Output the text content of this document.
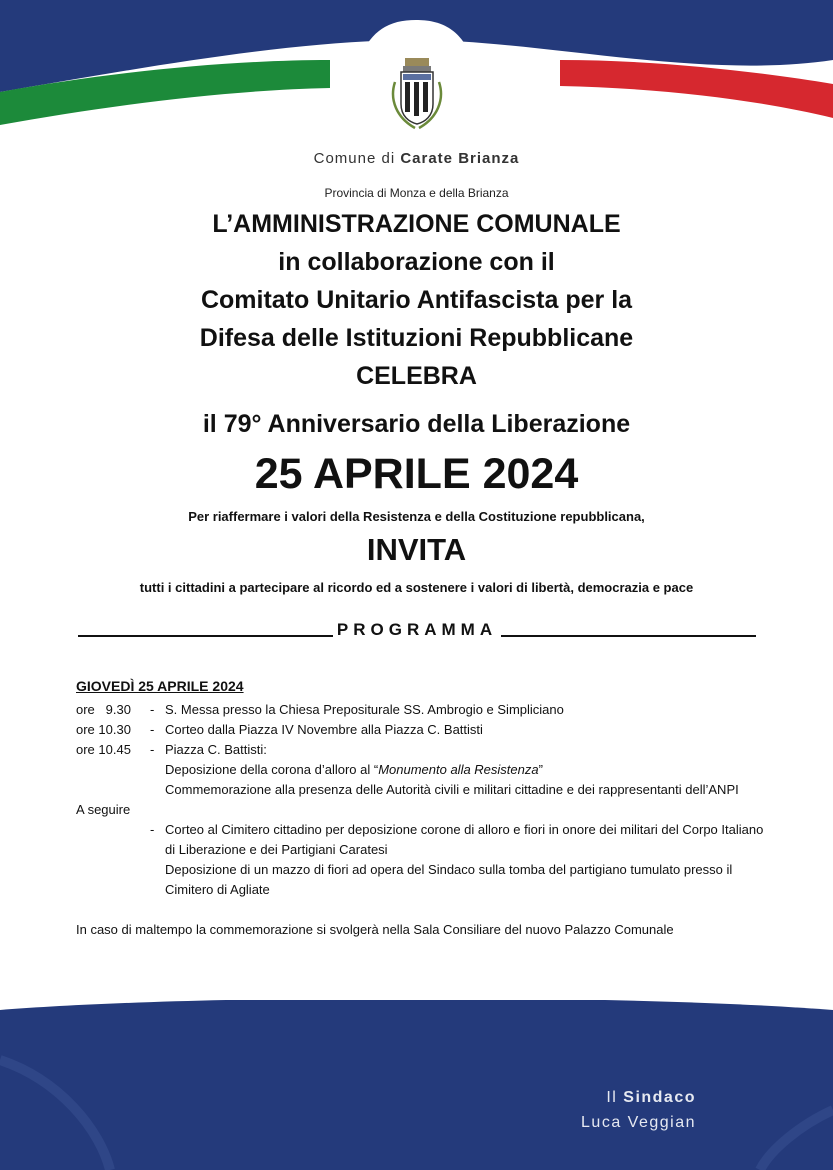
Comune di Carate Brianza

Provincia di Monza e della Brianza

L’AMMINISTRAZIONE COMUNALE
in collaborazione con il
Comitato Unitario Antifascista per la
Difesa delle Istituzioni Repubblicane
CELEBRA

il 79° Anniversario della Liberazione

25 APRILE 2024

Per riaffermare i valori della Resistenza e della Costituzione repubblicana,

INVITA

tutti i cittadini a partecipare al ricordo ed a sostenere i valori di libertà, democrazia e pace

PROGRAMMA
GIOVEDÌ 25 APRILE 2024
ore   9.30	- S. Messa presso la Chiesa Prepositurale SS. Ambrogio e Simpliciano
ore 10.30	- Corteo dalla Piazza IV Novembre alla Piazza C. Battisti
ore 10.45	- Piazza C. Battisti:
Deposizione della corona d’alloro al “Monumento alla Resistenza”
Commemorazione alla presenza delle Autorità civili e militari cittadine e dei rappresentanti dell’ANPI
A seguire
- Corteo al Cimitero cittadino per deposizione corone di allorо e fiori in onore dei militari del Corpo Italiano di Liberazione e dei Partigiani Caratesi
Deposizione di un mazzo di fiori ad opera del Sindaco sulla tomba del partigiano tumulato presso il Cimitero di Agliate
In caso di maltempo la commemorazione si svolgerà nella Sala Consiliare del nuovo Palazzo Comunale
Il Sindaco
Luca Veggian
